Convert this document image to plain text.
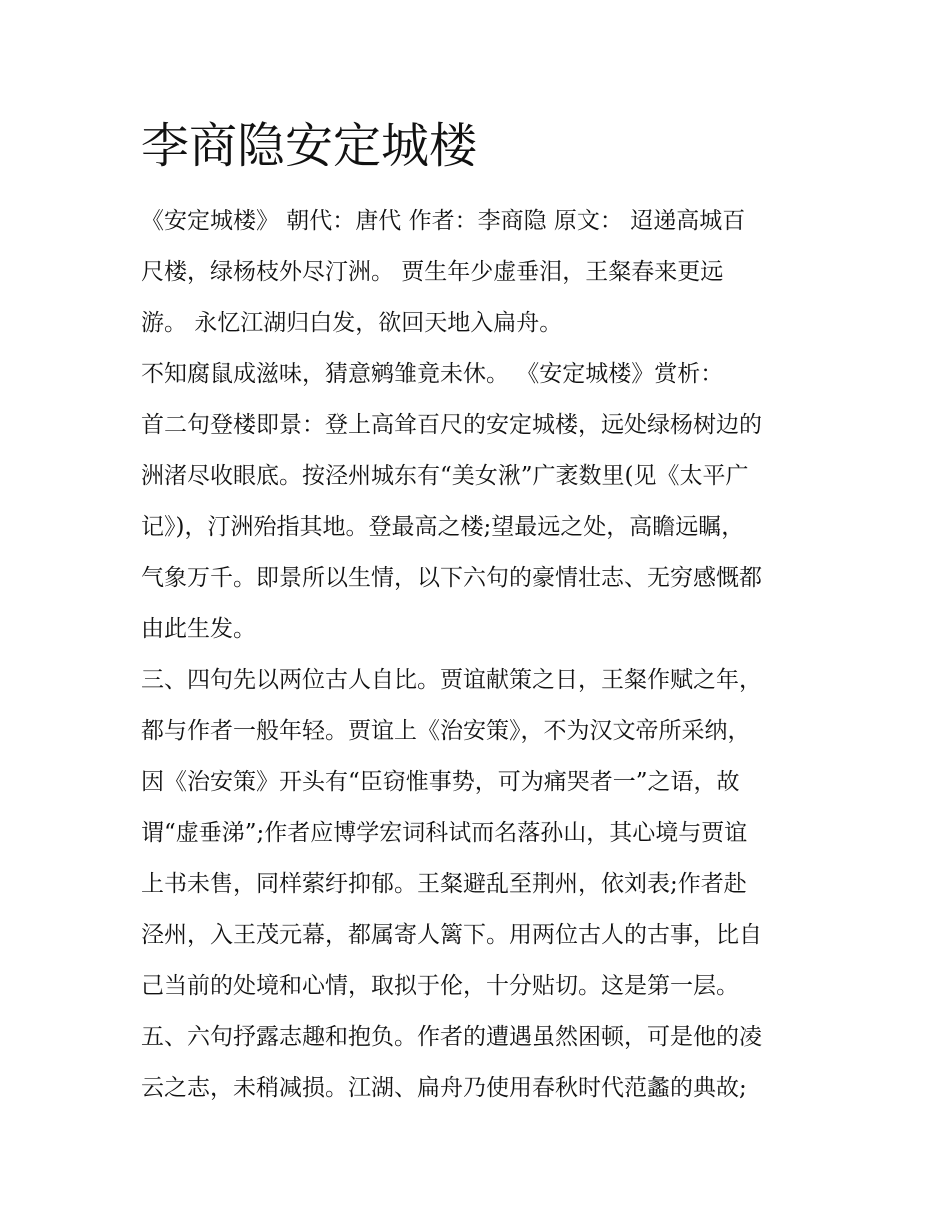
李商隐安定城楼

《安定城楼》 朝代：唐代 作者：李商隐 原文： 迢递高城百

尺楼，绿杨枝外尽汀洲。 贾生年少虚垂泪，王粲春来更远

游。 永忆江湖归白发，欲回天地入扁舟。

不知腐鼠成滋味，猜意鹓雏竟未休。 《安定城楼》赏析：

首二句登楼即景：登上高耸百尺的安定城楼，远处绿杨树边的

洲渚尽收眼底。按泾州城东有“美女湫”广袤数里(见《太平广

记》)，汀洲殆指其地。登最高之楼;望最远之处，高瞻远瞩，

气象万千。即景所以生情，以下六句的豪情壮志、无穷感慨都

由此生发。

三、四句先以两位古人自比。贾谊献策之日，王粲作赋之年，

都与作者一般年轻。贾谊上《治安策》，不为汉文帝所采纳，

因《治安策》开头有“臣窃惟事势，可为痛哭者一”之语，故

谓“虚垂涕”;作者应博学宏词科试而名落孙山，其心境与贾谊

上书未售，同样萦纡抑郁。王粲避乱至荆州，依刘表;作者赴

泾州，入王茂元幕，都属寄人篱下。用两位古人的古事，比自

己当前的处境和心情，取拟于伦，十分贴切。这是第一层。

五、六句抒露志趣和抱负。作者的遭遇虽然困顿，可是他的凌

云之志，未稍减损。江湖、扁舟乃使用春秋时代范蠡的典故;
